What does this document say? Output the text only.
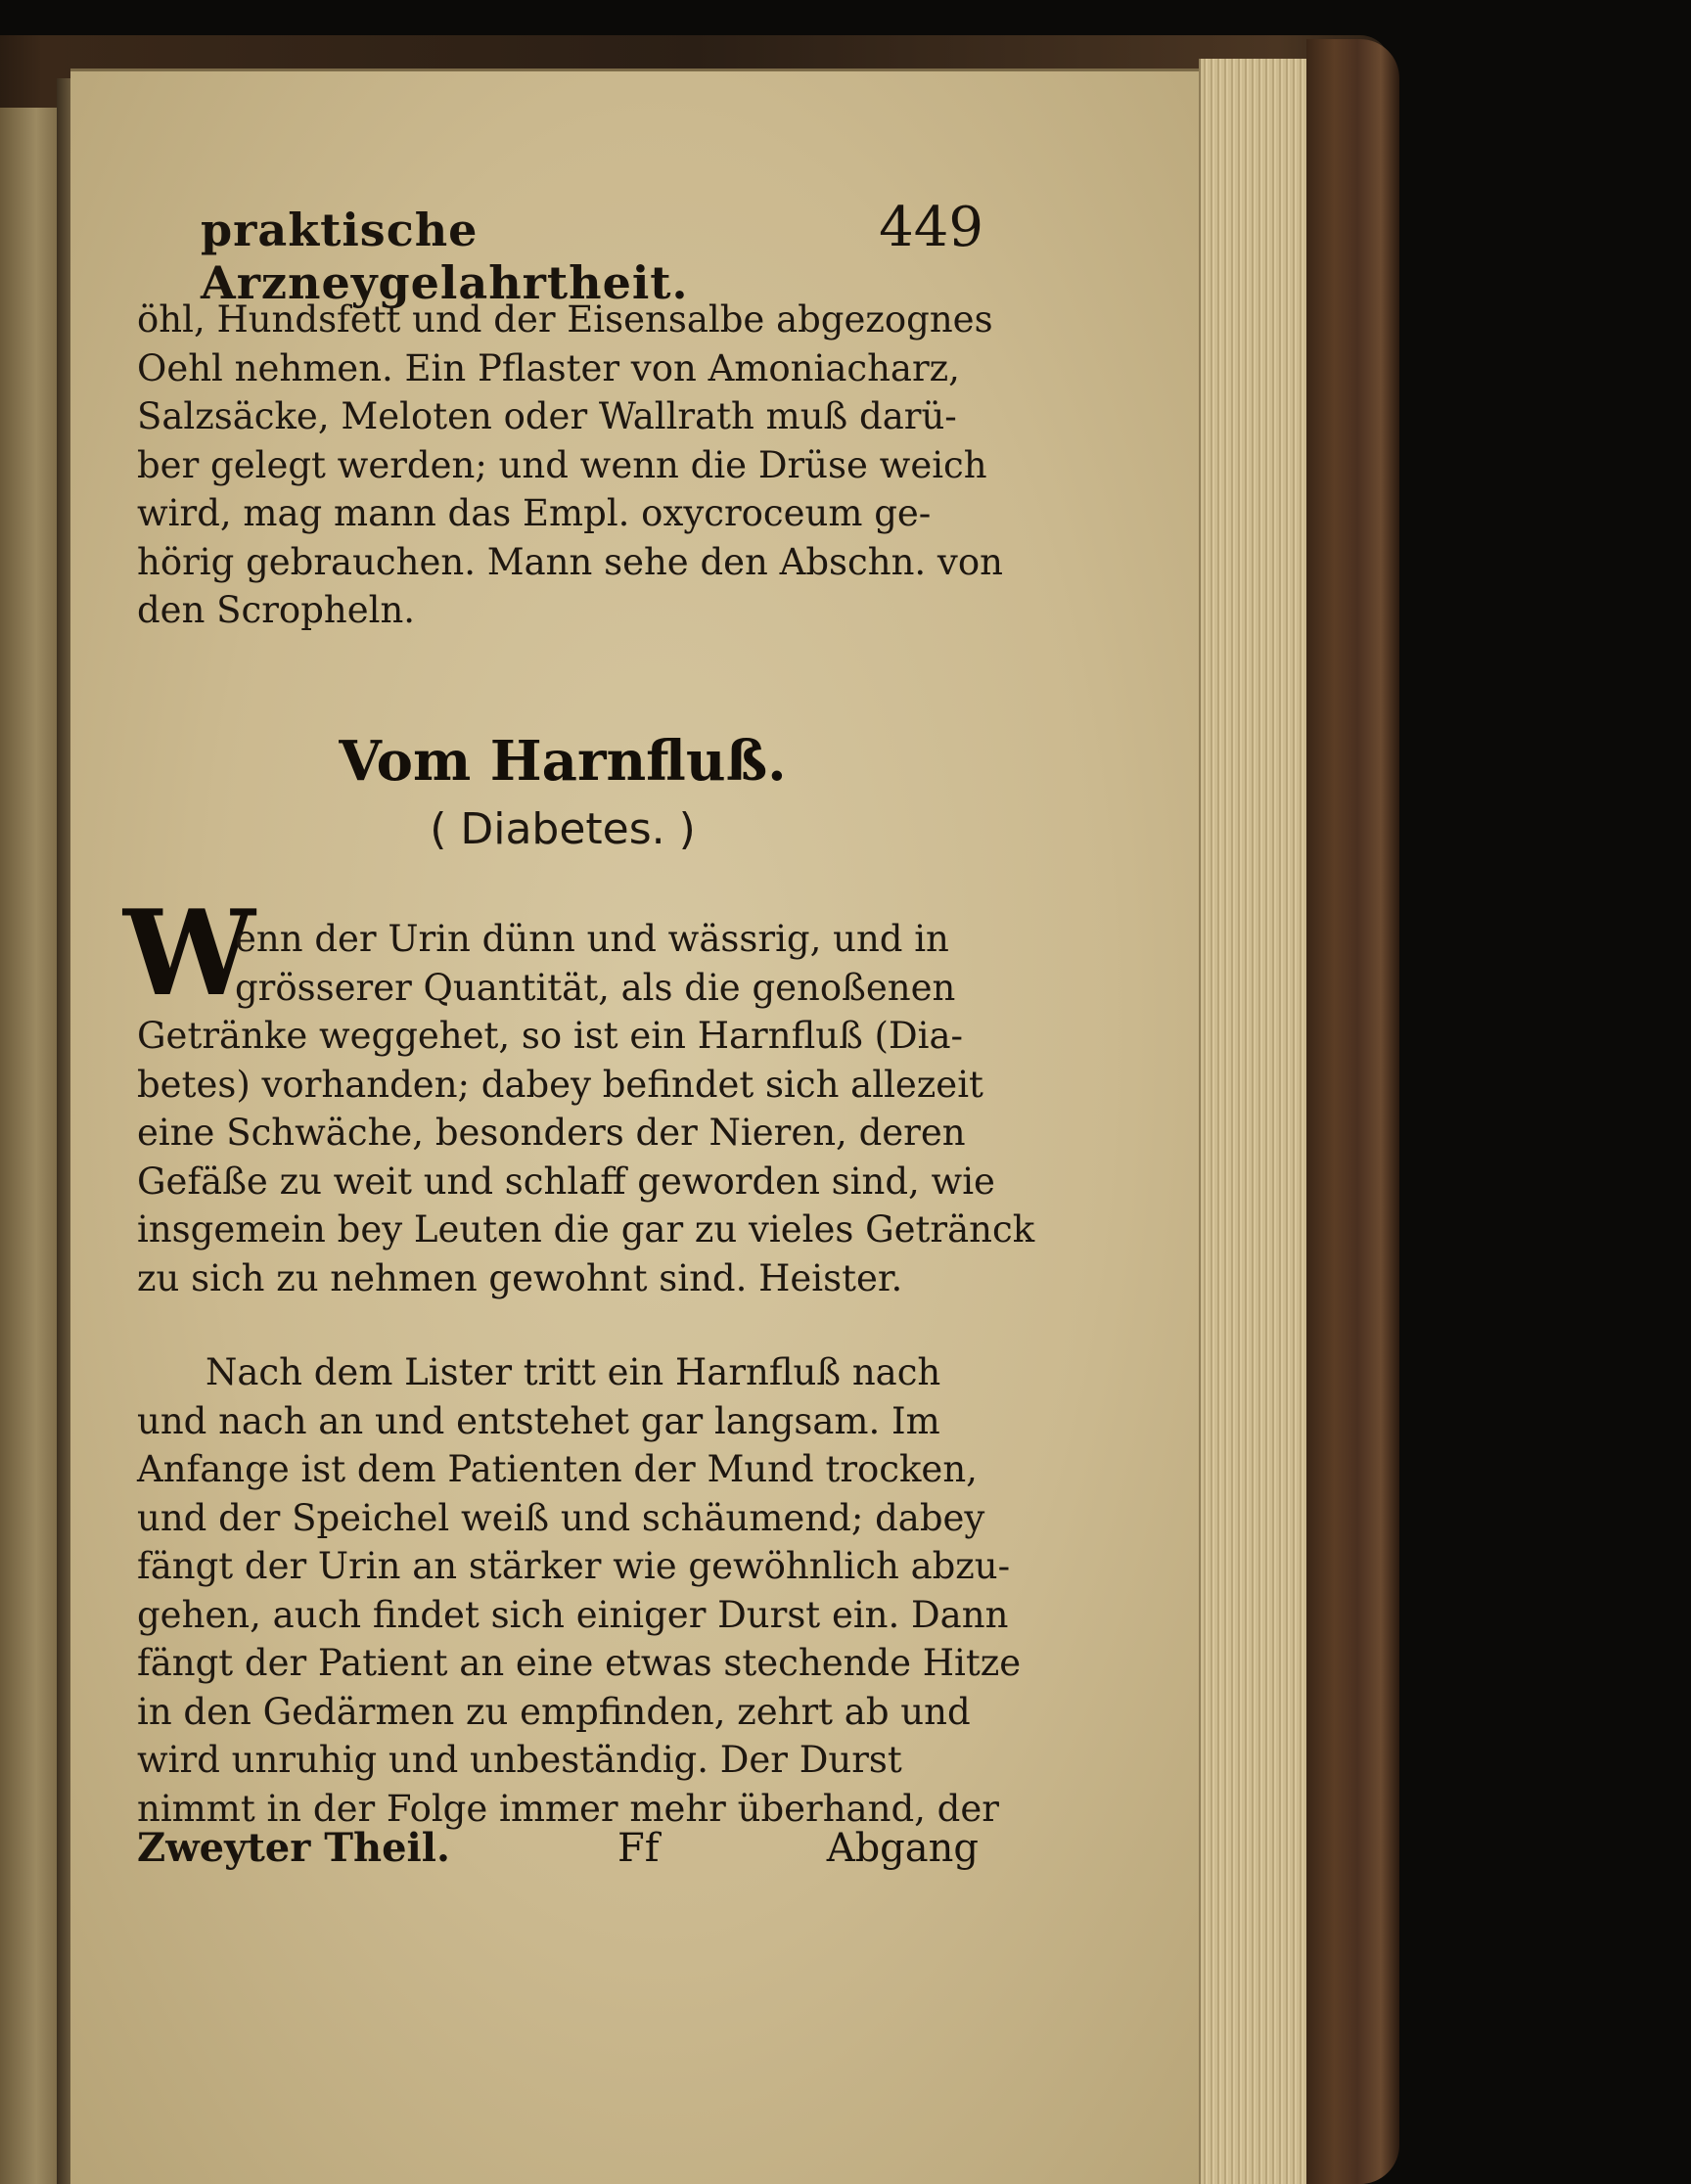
praktische Arzneygelahrtheit.
449

öhl, Hundsfett und der Eisensalbe abgezognes
Oehl nehmen. Ein Pflaster von Amoniacharz,
Salzsäcke, Meloten oder Wallrath muß darü-
ber gelegt werden; und wenn die Drüse weich
wird, mag mann das Empl. oxycroceum ge-
hörig gebrauchen. Mann sehe den Abschn. von
den Scropheln.

Vom Harnfluß.
( Diabetes. )
W

enn der Urin dünn und wässrig, und in
grösserer Quantität, als die genoßenen
Getränke weggehet, so ist ein Harnfluß (Dia-
betes) vorhanden; dabey befindet sich allezeit
eine Schwäche, besonders der Nieren, deren
Gefäße zu weit und schlaff geworden sind, wie
insgemein bey Leuten die gar zu vieles Getränck
zu sich zu nehmen gewohnt sind. Heister.

Nach dem Lister tritt ein Harnfluß nach
und nach an und entstehet gar langsam. Im
Anfange ist dem Patienten der Mund trocken,
und der Speichel weiß und schäumend; dabey
fängt der Urin an stärker wie gewöhnlich abzu-
gehen, auch findet sich einiger Durst ein. Dann
fängt der Patient an eine etwas stechende Hitze
in den Gedärmen zu empfinden, zehrt ab und
wird unruhig und unbeständig. Der Durst
nimmt in der Folge immer mehr überhand, der

Zweyter Theil.	Ff	Abgang
